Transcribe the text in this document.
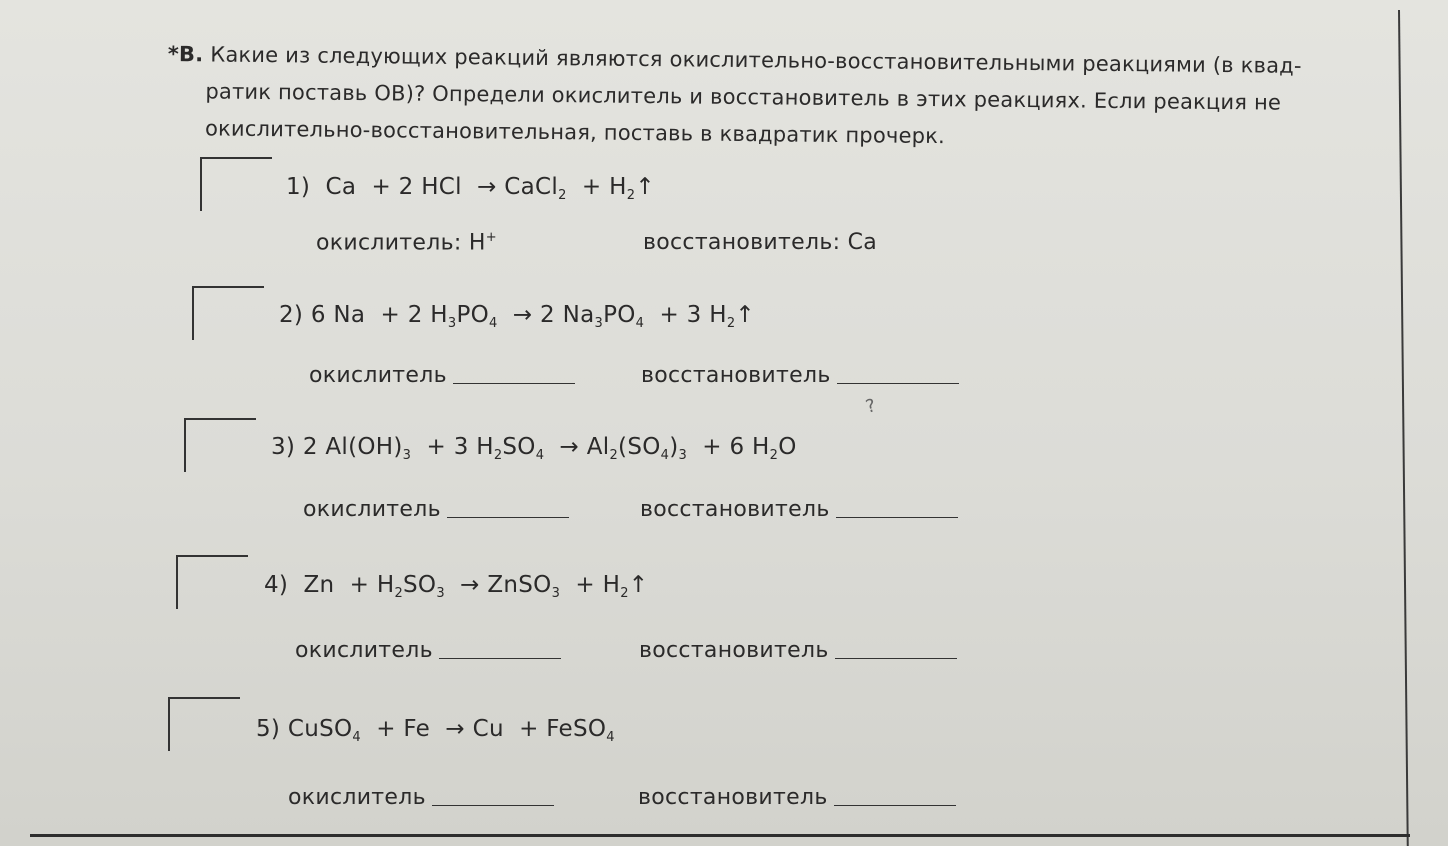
*В. Какие из следующих реакций являются окислительно-восстановительными реакциями (в квад-
ратик поставь ОВ)? Определи окислитель и восстановитель в этих реакциях. Если реакция не
окислительно-восстановительная, поставь в квадратик прочерк.
1) Ca + 2 HCl → CaCl$_2$ + $H_2↑$
окислитель: H+	восстановитель: Ca
2) 6 Na + 2 $H_3PO_4 \to 2$ $Na_3PO_4 + 3$ $H_2↑$
окислитель	восстановитель
?
3) 2 $Al(OH)_3 + 3$ $H_2SO_4 \to Al_2(SO_4)_3 + 6$ $H_2O$
окислитель	восстановитель
4) $Zn + H_2SO_3$ → ZnSO$_3$ + $H_2↑$
окислитель	восстановитель
5) CuSO$_4$ + Fe → Cu + FeSO$_4$
окислитель	восстановитель
